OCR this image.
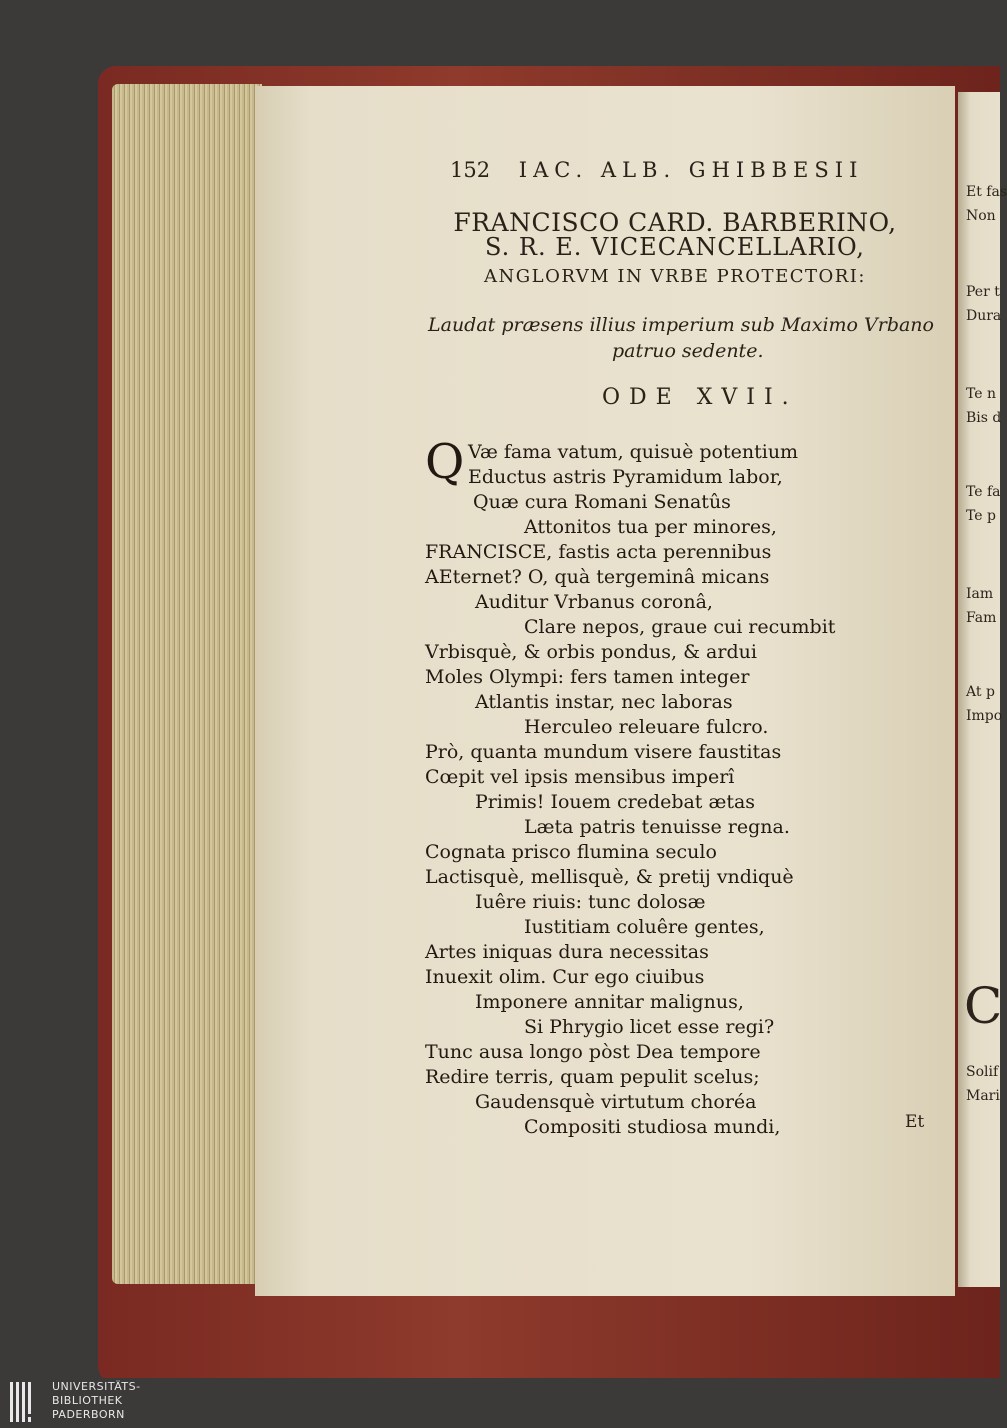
Et fas
Non
Per t
Dura
Te n
Bis d
Te fa
Te p
Iam
Fam
At p
Impo
C
Solif
Mari
152 IAC. ALB. GHIBBESII
FRANCISCO CARD. BARBERINO,
S. R. E. VICECANCELLARIO,
ANGLORVM IN VRBE PROTECTORI:
Laudat præsens illius imperium sub Maximo Vrbano
patruo sedente.
ODE XVII.
Q Væ fama vatum, quisuè potentium
Eductus astris Pyramidum labor,
Quæ cura Romani Senatûs
Attonitos tua per minores,
FRANCISCE, fastis acta perennibus
AEternet? O, quà tergeminâ micans
Auditur Vrbanus coronâ,
Clare nepos, graue cui recumbit
Vrbisquè, & orbis pondus, & ardui
Moles Olympi: fers tamen integer
Atlantis instar, nec laboras
Herculeo releuare fulcro.
Prò, quanta mundum visere faustitas
Cœpit vel ipsis mensibus imperî
Primis! Iouem credebat ætas
Læta patris tenuisse regna.
Cognata prisco flumina seculo
Lactisquè, mellisquè, & pretij vndiquè
Iuêre riuis: tunc dolosæ
Iustitiam coluêre gentes,
Artes iniquas dura necessitas
Inuexit olim. Cur ego ciuibus
Imponere annitar malignus,
Si Phrygio licet esse regi?
Tunc ausa longo pòst Dea tempore
Redire terris, quam pepulit scelus;
Gaudensquè virtutum choréa
Compositi studiosa mundi,	Et
UNIVERSITÄTS-
BIBLIOTHEK
PADERBORN
